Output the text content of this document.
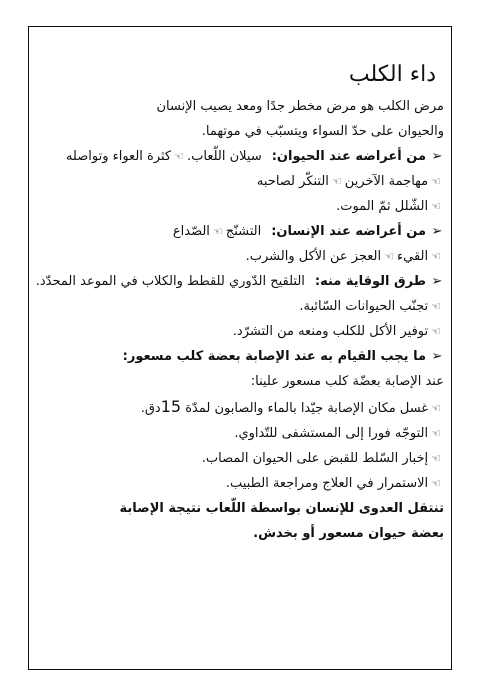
داء الكلب

مرض الكلب هو مرض مخطر جدًا ومعد يصيب الإنسان

والحيوان على حدّ السواء ويتسبّب في موتهما.

➢من أعراضه عند الحيوان:سيلان اللّعاب.☜كثرة العواء وتواصله

☜مهاجمة الآخرين☜التنكّر لصاحبه

☜الشّلل ثمّ الموت.

➢من أعراضه عند الإنسان:التشنّج☜الصّداع

☜القيء☜العجز عن الأكل والشرب.

➢طرق الوقاية منه:التلقيح الدّوري للقطط والكلاب في الموعد المحدّد.

☜تجنّب الحيوانات السّائبة.

☜توفير الأكل للكلب ومنعه من التشرّد.

➢ما يجب القيام به عند الإصابة بعضة كلب مسعور:

عند الإصابة بعضّة كلب مسعور علينا:

☜غسل مكان الإصابة جيّدا بالماء والصابون لمدّة 15دق.

☜التوجّه فورا إلى المستشفى للتّداوي.

☜إخبار السّلط للقبض على الحيوان المصاب.

☜الاستمرار في العلاج ومراجعة الطبيب.

تنتقل العدوى للإنسان بواسطة اللّعاب نتيجة الإصابة

بعضة حيوان مسعور أو بخدش.
